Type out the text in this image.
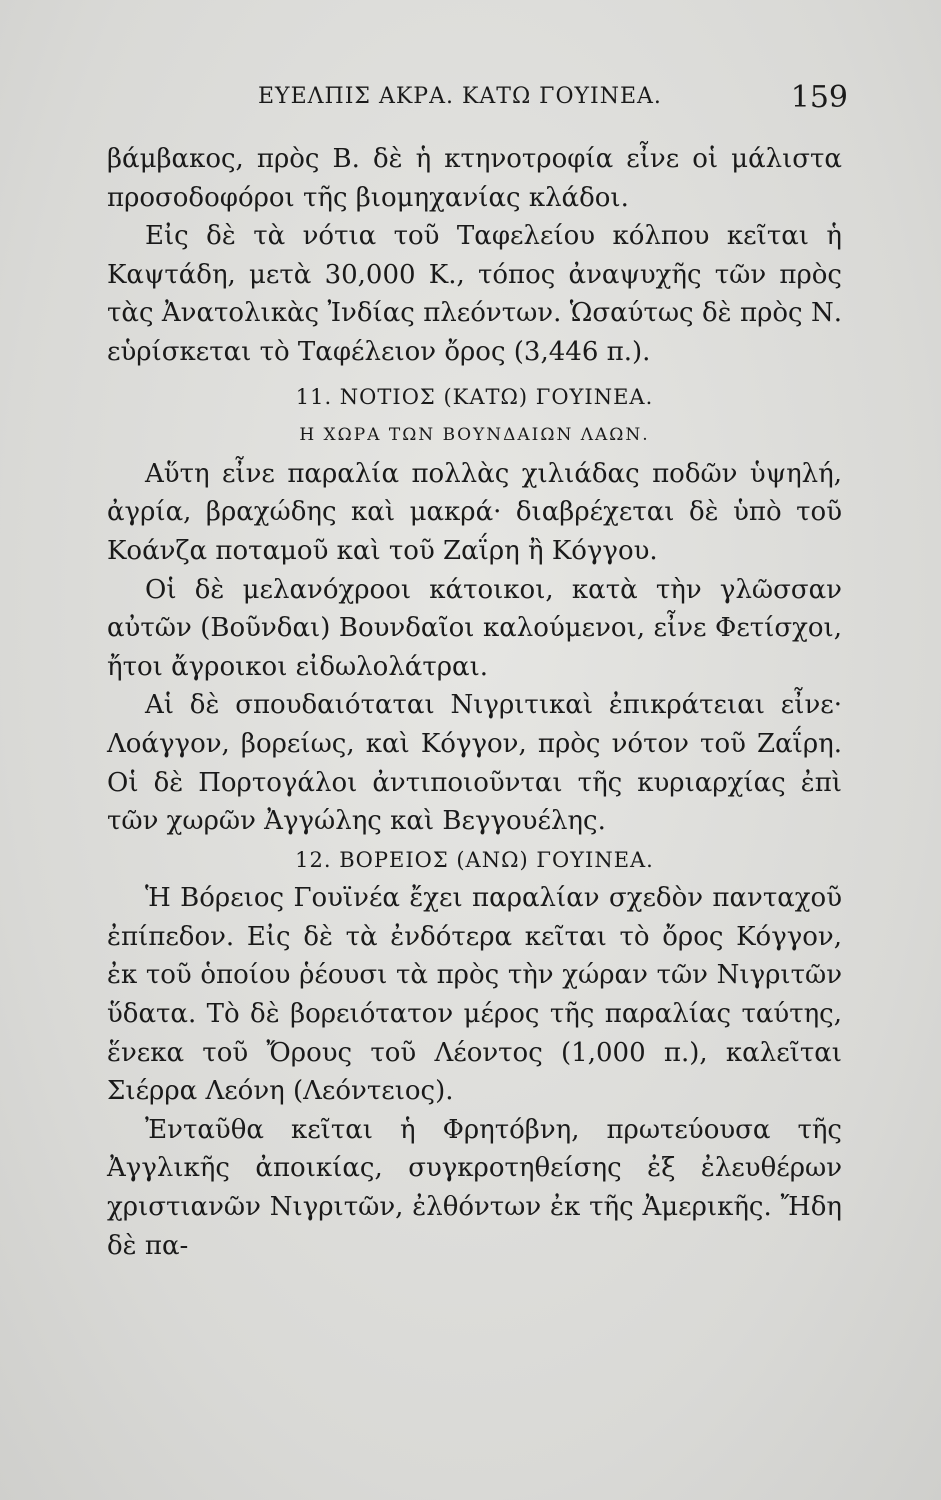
ΕΥΕΛΠΙΣ ΑΚΡΑ. ΚΑΤΩ ΓΟΥΙΝΕΑ.	159

βάμβακος, πρὸς Β. δὲ ἡ κτηνοτροφία εἶνε οἱ μάλιστα προσοδοφόροι τῆς βιομηχανίας κλάδοι.

Εἰς δὲ τὰ νότια τοῦ Ταφελείου κόλπου κεῖται ἡ Καψτάδη, μετὰ 30,000 Κ., τόπος ἀναψυχῆς τῶν πρὸς τὰς Ἀνατολικὰς Ἰνδίας πλεόντων. Ὡσαύτως δὲ πρὸς Ν. εὑρίσκεται τὸ Ταφέλειον ὄρος (3,446 π.).

11. ΝΟΤΙΟΣ (ΚΑΤΩ) ΓΟΥΙΝΕΑ.

Η ΧΩΡΑ ΤΩΝ ΒΟΥΝΔΑΙΩΝ ΛΑΩΝ.

Αὕτη εἶνε παραλία πολλὰς χιλιάδας ποδῶν ὑψηλή, ἀγρία, βραχώδης καὶ μακρά· διαβρέχεται δὲ ὑπὸ τοῦ Κοάνζα ποταμοῦ καὶ τοῦ Ζαΐρη ἢ Κόγγου.

Οἱ δὲ μελανόχροοι κάτοικοι, κατὰ τὴν γλῶσσαν αὐτῶν (Βοῦνδαι) Βουνδαῖοι καλούμενοι, εἶνε Φετίσχοι, ἤτοι ἄγροικοι εἰδωλολάτραι.

Αἱ δὲ σπουδαιόταται Νιγριτικαὶ ἐπικράτειαι εἶνε· Λοάγγον, βορείως, καὶ Κόγγον, πρὸς νότον τοῦ Ζαΐρη. Οἱ δὲ Πορτογάλοι ἀντιποιοῦνται τῆς κυριαρχίας ἐπὶ τῶν χωρῶν Ἀγγώλης καὶ Βεγγουέλης.

12. ΒΟΡΕΙΟΣ (ΑΝΩ) ΓΟΥΙΝΕΑ.

Ἡ Βόρειος Γουϊνέα ἔχει παραλίαν σχεδὸν πανταχοῦ ἐπίπεδον. Εἰς δὲ τὰ ἐνδότερα κεῖται τὸ ὄρος Κόγγον, ἐκ τοῦ ὁποίου ῥέουσι τὰ πρὸς τὴν χώραν τῶν Νιγριτῶν ὕδατα. Τὸ δὲ βορειότατον μέρος τῆς παραλίας ταύτης, ἕνεκα τοῦ Ὄρους τοῦ Λέοντος (1,000 π.), καλεῖται Σιέρρα Λεόνη (Λεόντειος).

Ἐνταῦθα κεῖται ἡ Φρητόβνη, πρωτεύουσα τῆς Ἀγγλικῆς ἀποικίας, συγκροτηθείσης ἐξ ἐλευθέρων χριστιανῶν Νιγριτῶν, ἐλθόντων ἐκ τῆς Ἀμερικῆς. Ἤδη δὲ πα-
